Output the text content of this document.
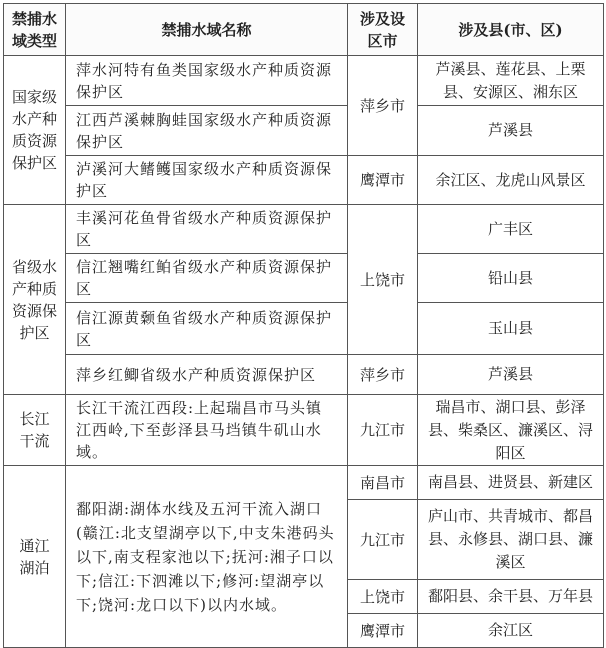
禁捕水域类型	禁捕水域名称	涉及设区市	涉及县(市、区)
国家级水产种质资源保护区	萍水河特有鱼类国家级水产种质资源保护区	萍乡市	芦溪县、莲花县、上栗县、安源区、湘东区
	江西芦溪棘胸蛙国家级水产种质资源保护区		芦溪县
	泸溪河大鳍鳠国家级水产种质资源保护区	鹰潭市	余江区、龙虎山风景区
省级水产种质资源保护区	丰溪河花鱼骨省级水产种质资源保护区	上饶市	广丰区
	信江翘嘴红鲌省级水产种质资源保护区		铅山县
	信江源黄颡鱼省级水产种质资源保护区		玉山县
	萍乡红鲫省级水产种质资源保护区	萍乡市	芦溪县
长江干流	长江干流江西段:上起瑞昌市马头镇江西岭,下至彭泽县马垱镇牛矶山水域。	九江市	瑞昌市、湖口县、彭泽县、柴桑区、濂溪区、浔阳区
通江湖泊	鄱阳湖:湖体水线及五河干流入湖口(赣江:北支望湖亭以下,中支朱港码头以下,南支程家池以下;抚河:湘子口以下;信江:下泗滩以下;修河:望湖亭以下;饶河:龙口以下)以内水域。	南昌市	南昌县、进贤县、新建区
		九江市	庐山市、共青城市、都昌县、永修县、湖口县、濂溪区
		上饶市	鄱阳县、余干县、万年县
		鹰潭市	余江区
